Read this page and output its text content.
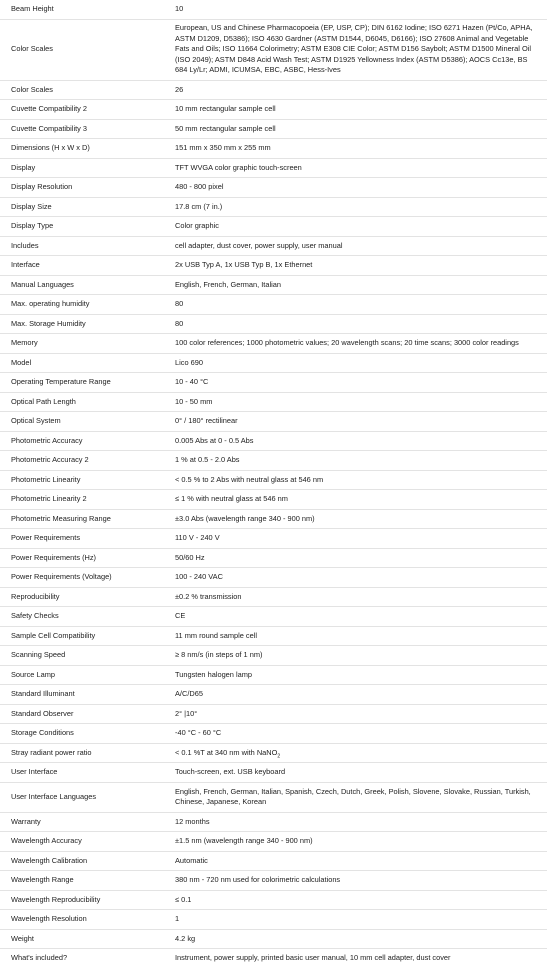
Beam Height	10
Color Scales	European, US and Chinese Pharmacopoeia (EP, USP, CP); DIN 6162 Iodine; ISO 6271 Hazen (Pt/Co, APHA, ASTM D1209, D5386); ISO 4630 Gardner (ASTM D1544, D6045, D6166); ISO 27608 Animal and Vegetable Fats and Oils; ISO 11664 Colorimetry; ASTM E308 CIE Color; ASTM D156 Saybolt; ASTM D1500 Mineral Oil (ISO 2049); ASTM D848 Acid Wash Test; ASTM D1925 Yellowness Index (ASTM D5386); AOCS Cc13e, BS 684 Ly/Lr; ADMI, ICUMSA, EBC, ASBC, Hess-Ives
Color Scales	26
Cuvette Compatibility 2	10 mm rectangular sample cell
Cuvette Compatibility 3	50 mm rectangular sample cell
Dimensions (H x W x D)	151 mm x 350 mm x 255 mm
Display	TFT WVGA color graphic touch-screen
Display Resolution	480 - 800 pixel
Display Size	17.8 cm (7 in.)
Display Type	Color graphic
Includes	cell adapter, dust cover, power supply, user manual
Interface	2x USB Typ A, 1x USB Typ B, 1x Ethernet
Manual Languages	English, French, German, Italian
Max. operating humidity	80
Max. Storage Humidity	80
Memory	100 color references; 1000 photometric values; 20 wavelength scans; 20 time scans; 3000 color readings
Model	Lico 690
Operating Temperature Range	10 - 40 °C
Optical Path Length	10 - 50 mm
Optical System	0° / 180° rectilinear
Photometric Accuracy	0.005 Abs at 0 - 0.5 Abs
Photometric Accuracy 2	1 % at 0.5 - 2.0 Abs
Photometric Linearity	< 0.5 % to 2 Abs with neutral glass at 546 nm
Photometric Linearity 2	≤ 1 % with neutral glass at 546 nm
Photometric Measuring Range	±3.0 Abs (wavelength range 340 - 900 nm)
Power Requirements	110 V - 240 V
Power Requirements (Hz)	50/60 Hz
Power Requirements (Voltage)	100 - 240 VAC
Reproducibility	±0.2 % transmission
Safety Checks	CE
Sample Cell Compatibility	11 mm round sample cell
Scanning Speed	≥ 8 nm/s (in steps of 1 nm)
Source Lamp	Tungsten halogen lamp
Standard Illuminant	A/C/D65
Standard Observer	2° |10°
Storage Conditions	-40 °C - 60 °C
Stray radiant power ratio	< 0.1 %T at 340 nm with NaNO$_2$
User Interface	Touch-screen, ext. USB keyboard
User Interface Languages	English, French, German, Italian, Spanish, Czech, Dutch, Greek, Polish, Slovene, Slovake, Russian, Turkish, Chinese, Japanese, Korean
Warranty	12 months
Wavelength Accuracy	±1.5 nm (wavelength range 340 - 900 nm)
Wavelength Calibration	Automatic
Wavelength Range	380 nm - 720 nm used for colorimetric calculations
Wavelength Reproducibility	≤ 0.1
Wavelength Resolution	1
Weight	4.2 kg
What's included?	Instrument, power supply, printed basic user manual, 10 mm cell adapter, dust cover
